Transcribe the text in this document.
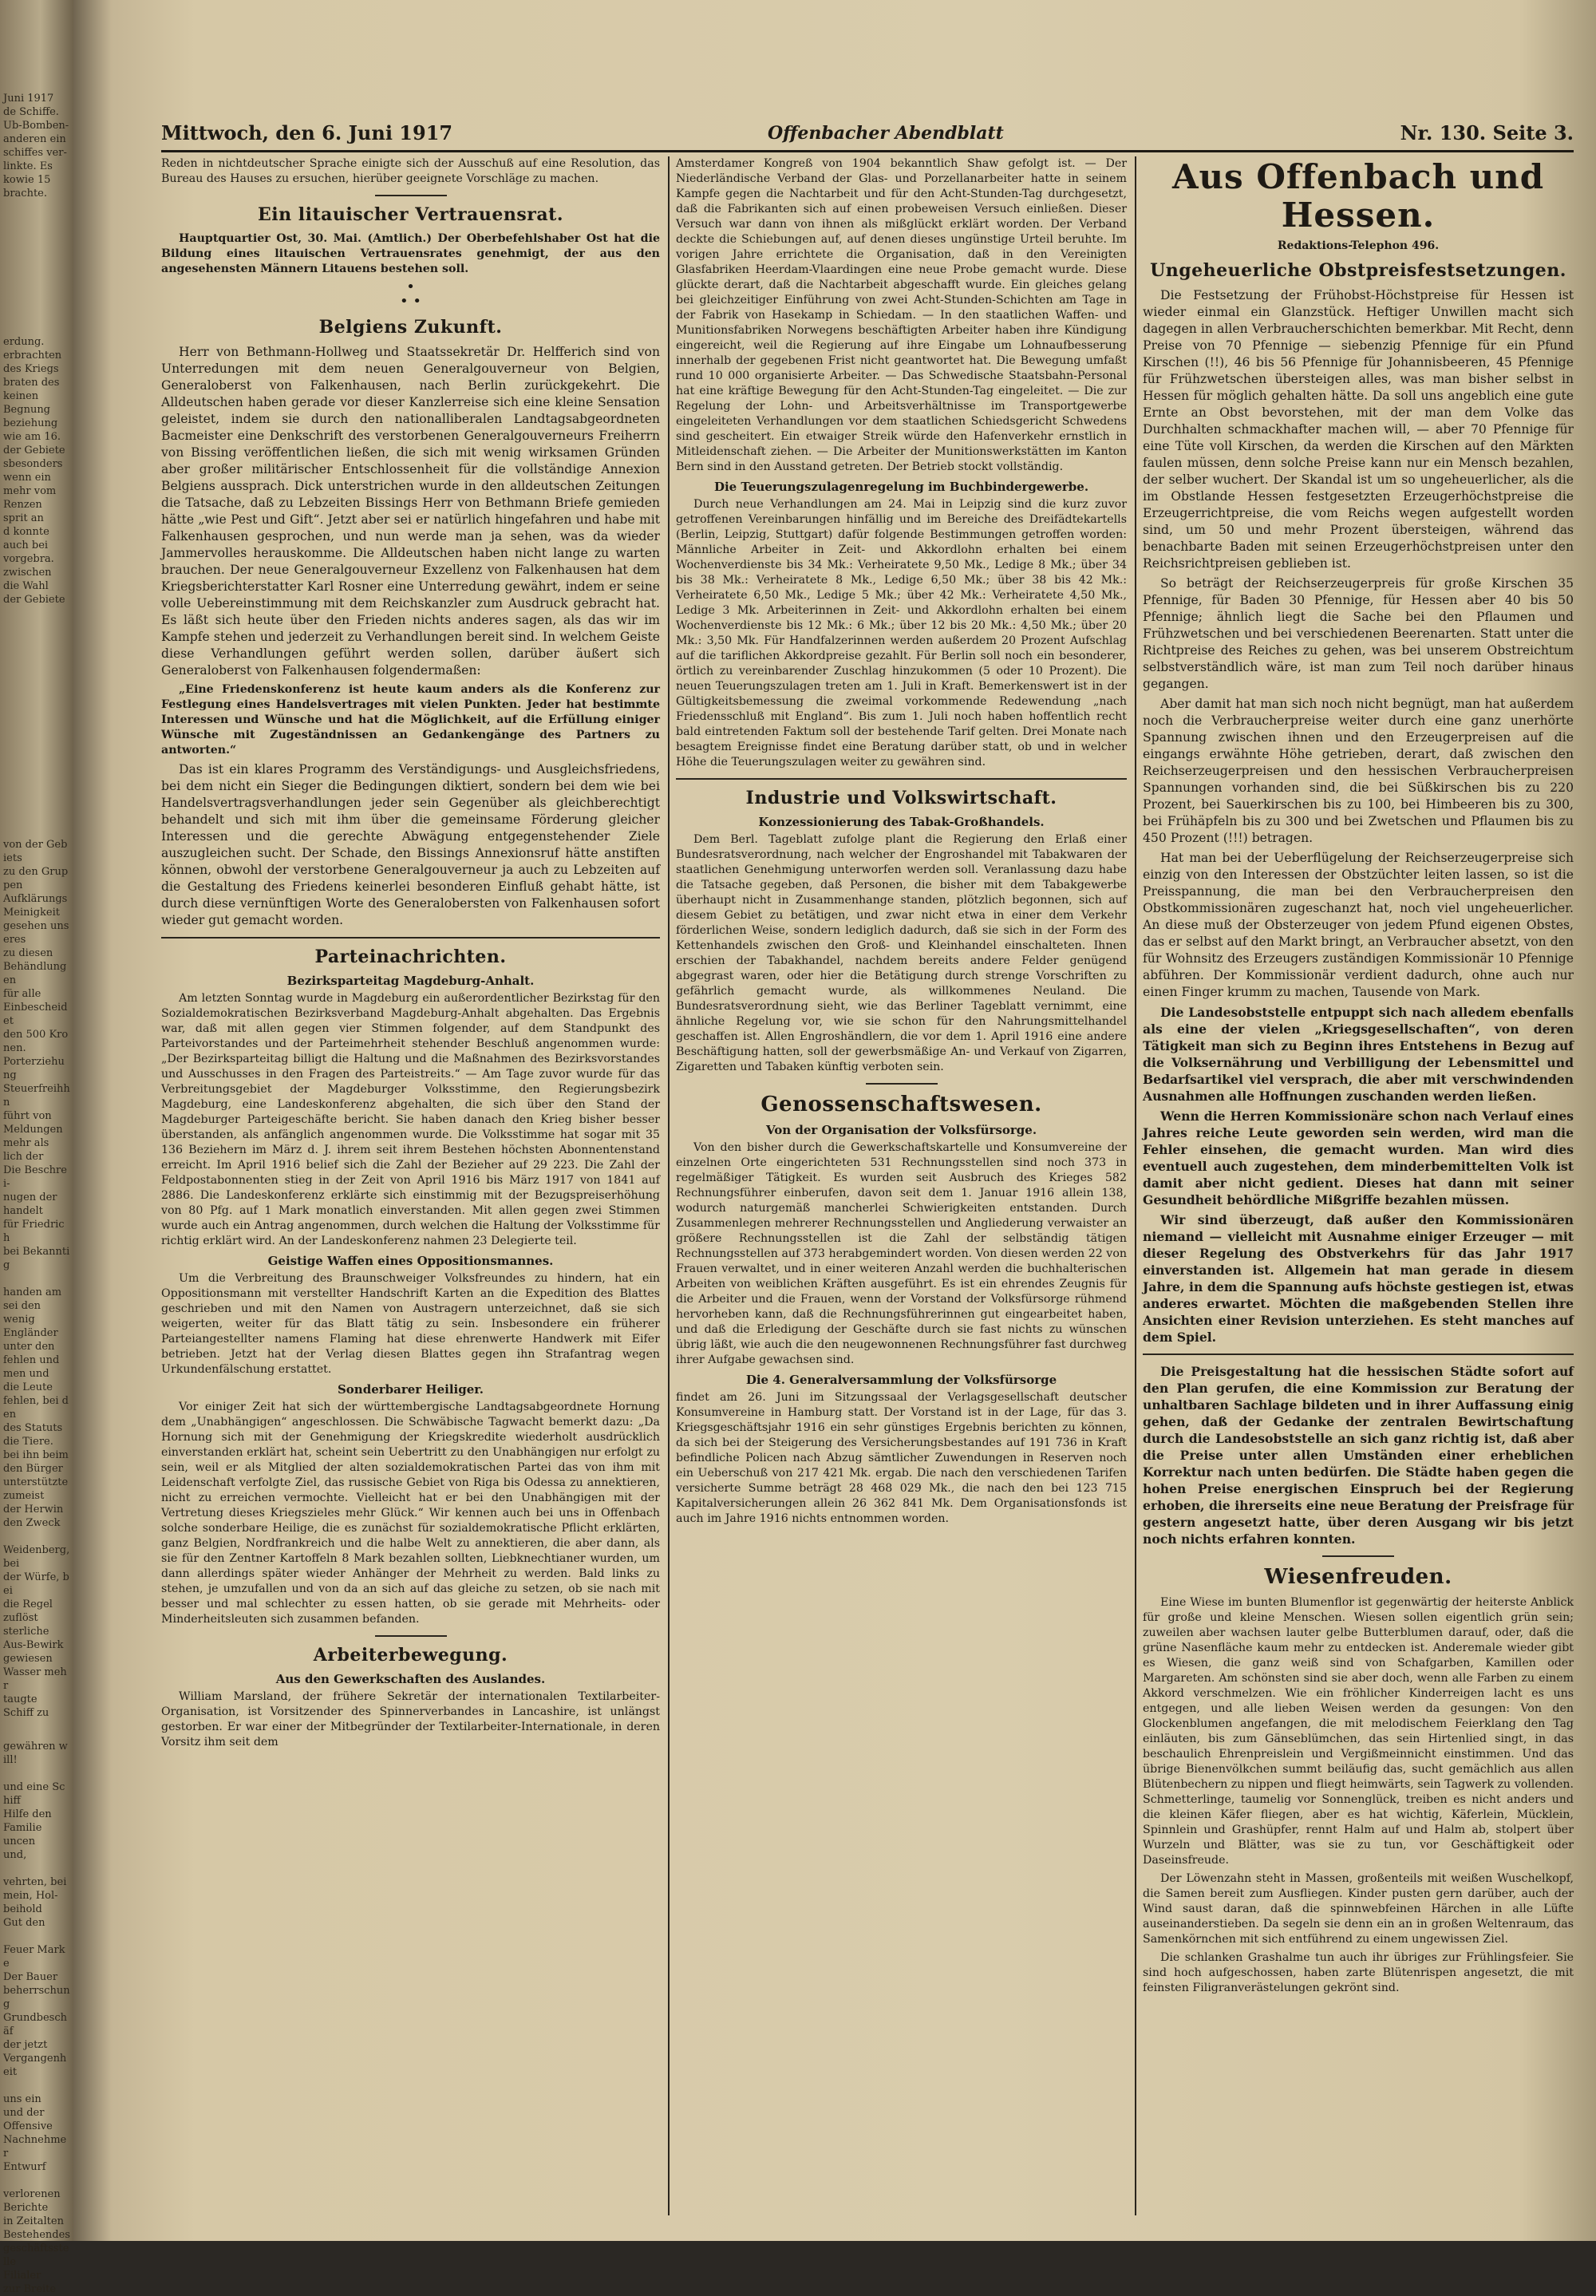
Juni 1917
de Schiffe.
Ub-Bomben-
anderen ein
schiffes ver-
linkte. Es
kowie 15
brachte.
erdung.
erbrachten
des Kriegs
braten des
keinen
Begnung
beziehung
wie am 16.
der Gebiete
sbesonders
wenn ein
mehr vom
Renzen
sprit an
d konnte
auch bei
vorgebra.
zwischen
die Wahl
der Gebiete
von der Gebiets
zu den Gruppen
Aufklärungs
Meinigkeit
gesehen unseres
zu diesen
Behändlungen
für alle
Einbescheidet
den 500 Kronen.
Porterziehung
Steuerfreihhn
führt von
Meldungen
mehr als
lich der
Die Beschrei-
nugen der
handelt
für Friedrich
bei Bekanntig

handen am
sei den
wenig
Engländer
unter den
fehlen und
men und
die Leute
fehlen, bei den
des Statuts
die Tiere.
bei ihn beim
den Bürger
unterstützte
zumeist
der Herwin
den Zweck

Weidenberg, bei
der Würfe, bei
die Regel
zuflöst
sterliche
Aus-Bewirk
gewiesen
Wasser mehr
taugte
Schiff zu
gewähren will!

und eine Schiff
Hilfe den
Familie
uncen
und,

vehrten, bei
mein, Hol-
beihold
Gut den

Feuer Marke
Der Bauer
beherrschung
Grundbeschäf
der jetzt
Vergangenheit

uns ein
und der
Offensive
Nachnehmer
Entwurf

verlorenen
Berichte
in Zeitalten
Bestehendes
geschäftsstelle
Filialer
zur Breite
Mittwoch, den 6. Juni 1917	Offenbacher Abendblatt	Nr. 130. Seite 3.

Reden in nichtdeutscher Sprache einigte sich der Ausschuß auf eine Resolution, das Bureau des Hauses zu ersuchen, hierüber geeignete Vorschläge zu machen.

Ein litauischer Vertrauensrat.

Hauptquartier Ost, 30. Mai. (Amtlich.) Der Oberbefehlshaber Ost hat die Bildung eines litauischen Vertrauensrates genehmigt, der aus den angesehensten Männern Litauens bestehen soll.

•
• •
Belgiens Zukunft.

Herr von Bethmann-Hollweg und Staatssekretär Dr. Helfferich sind von Unterredungen mit dem neuen Generalgouverneur von Belgien, Generaloberst von Falkenhausen, nach Berlin zurückgekehrt. Die Alldeutschen haben gerade vor dieser Kanzlerreise sich eine kleine Sensation geleistet, indem sie durch den nationalliberalen Landtagsabgeordneten Bacmeister eine Denkschrift des verstorbenen Generalgouverneurs Freiherrn von Bissing veröffentlichen ließen, die sich mit wenig wirksamen Gründen aber großer militärischer Entschlossenheit für die vollständige Annexion Belgiens aussprach. Dick unterstrichen wurde in den alldeutschen Zeitungen die Tatsache, daß zu Lebzeiten Bissings Herr von Bethmann Briefe gemieden hätte „wie Pest und Gift“. Jetzt aber sei er natürlich hingefahren und habe mit Falkenhausen gesprochen, und nun werde man ja sehen, was da wieder Jammervolles herauskomme. Die Alldeutschen haben nicht lange zu warten brauchen. Der neue Generalgouverneur Exzellenz von Falkenhausen hat dem Kriegsberichterstatter Karl Rosner eine Unterredung gewährt, indem er seine volle Uebereinstimmung mit dem Reichskanzler zum Ausdruck gebracht hat. Es läßt sich heute über den Frieden nichts anderes sagen, als das wir im Kampfe stehen und jederzeit zu Verhandlungen bereit sind. In welchem Geiste diese Verhandlungen geführt werden sollen, darüber äußert sich Generaloberst von Falkenhausen folgendermaßen:

„Eine Friedenskonferenz ist heute kaum anders als die Konferenz zur Festlegung eines Handelsvertrages mit vielen Punkten. Jeder hat bestimmte Interessen und Wünsche und hat die Möglichkeit, auf die Erfüllung einiger Wünsche mit Zugeständnissen an Gedankengänge des Partners zu antworten.“

Das ist ein klares Programm des Verständigungs- und Ausgleichsfriedens, bei dem nicht ein Sieger die Bedingungen diktiert, sondern bei dem wie bei Handelsvertragsverhandlungen jeder sein Gegenüber als gleichberechtigt behandelt und sich mit ihm über die gemeinsame Förderung gleicher Interessen und die gerechte Abwägung entgegenstehender Ziele auszugleichen sucht. Der Schade, den Bissings Annexionsruf hätte anstiften können, obwohl der verstorbene Generalgouverneur ja auch zu Lebzeiten auf die Gestaltung des Friedens keinerlei besonderen Einfluß gehabt hätte, ist durch diese vernünftigen Worte des Generalobersten von Falkenhausen sofort wieder gut gemacht worden.

Parteinachrichten.
Bezirksparteitag Magdeburg-Anhalt.

Am letzten Sonntag wurde in Magdeburg ein außerordentlicher Bezirkstag für den Sozialdemokratischen Bezirksverband Magdeburg-Anhalt abgehalten. Das Ergebnis war, daß mit allen gegen vier Stimmen folgender, auf dem Standpunkt des Parteivorstandes und der Parteimehrheit stehender Beschluß angenommen wurde: „Der Bezirksparteitag billigt die Haltung und die Maßnahmen des Bezirksvorstandes und Ausschusses in den Fragen des Parteistreits.“ — Am Tage zuvor wurde für das Verbreitungsgebiet der Magdeburger Volksstimme, den Regierungsbezirk Magdeburg, eine Landeskonferenz abgehalten, die sich über den Stand der Magdeburger Parteigeschäfte bericht. Sie haben danach den Krieg bisher besser überstanden, als anfänglich angenommen wurde. Die Volksstimme hat sogar mit 35 136 Beziehern im März d. J. ihrem seit ihrem Bestehen höchsten Abonnentenstand erreicht. Im April 1916 belief sich die Zahl der Bezieher auf 29 223. Die Zahl der Feldpostabonnenten stieg in der Zeit von April 1916 bis März 1917 von 1841 auf 2886. Die Landeskonferenz erklärte sich einstimmig mit der Bezugspreiserhöhung von 80 Pfg. auf 1 Mark monatlich einverstanden. Mit allen gegen zwei Stimmen wurde auch ein Antrag angenommen, durch welchen die Haltung der Volksstimme für richtig erklärt wird. An der Landeskonferenz nahmen 23 Delegierte teil.

Geistige Waffen eines Oppositionsmannes.

Um die Verbreitung des Braunschweiger Volksfreundes zu hindern, hat ein Oppositionsmann mit verstellter Handschrift Karten an die Expedition des Blattes geschrieben und mit den Namen von Austragern unterzeichnet, daß sie sich weigerten, weiter für das Blatt tätig zu sein. Insbesondere ein früherer Parteiangestellter namens Flaming hat diese ehrenwerte Handwerk mit Eifer betrieben. Jetzt hat der Verlag diesen Blattes gegen ihn Strafantrag wegen Urkundenfälschung erstattet.

Sonderbarer Heiliger.

Vor einiger Zeit hat sich der württembergische Landtagsabgeordnete Hornung dem „Unabhängigen“ angeschlossen. Die Schwäbische Tagwacht bemerkt dazu: „Da Hornung sich mit der Genehmigung der Kriegskredite wiederholt ausdrücklich einverstanden erklärt hat, scheint sein Uebertritt zu den Unabhängigen nur erfolgt zu sein, weil er als Mitglied der alten sozialdemokratischen Partei das von ihm mit Leidenschaft verfolgte Ziel, das russische Gebiet von Riga bis Odessa zu annektieren, nicht zu erreichen vermochte. Vielleicht hat er bei den Unabhängigen mit der Vertretung dieses Kriegszieles mehr Glück.“ Wir kennen auch bei uns in Offenbach solche sonderbare Heilige, die es zunächst für sozialdemokratische Pflicht erklärten, ganz Belgien, Nordfrankreich und die halbe Welt zu annektieren, die aber dann, als sie für den Zentner Kartoffeln 8 Mark bezahlen sollten, Liebknechtianer wurden, um dann allerdings später wieder Anhänger der Mehrheit zu werden. Bald links zu stehen, je umzufallen und von da an sich auf das gleiche zu setzen, ob sie nach mit besser und mal schlechter zu essen hatten, ob sie gerade mit Mehrheits- oder Minderheitsleuten sich zusammen befanden.

Arbeiterbewegung.
Aus den Gewerkschaften des Auslandes.

William Marsland, der frühere Sekretär der internationalen Textilarbeiter-Organisation, ist Vorsitzender des Spinnerverbandes in Lancashire, ist unlängst gestorben. Er war einer der Mitbegründer der Textilarbeiter-Internationale, in deren Vorsitz ihm seit dem

Amsterdamer Kongreß von 1904 bekanntlich Shaw gefolgt ist. — Der Niederländische Verband der Glas- und Porzellanarbeiter hatte in seinem Kampfe gegen die Nachtarbeit und für den Acht-Stunden-Tag durchgesetzt, daß die Fabrikanten sich auf einen probeweisen Versuch einließen. Dieser Versuch war dann von ihnen als mißglückt erklärt worden. Der Verband deckte die Schiebungen auf, auf denen dieses ungünstige Urteil beruhte. Im vorigen Jahre errichtete die Organisation, daß in den Vereinigten Glasfabriken Heerdam-Vlaardingen eine neue Probe gemacht wurde. Diese glückte derart, daß die Nachtarbeit abgeschafft wurde. Ein gleiches gelang bei gleichzeitiger Einführung von zwei Acht-Stunden-Schichten am Tage in der Fabrik von Hasekamp in Schiedam. — In den staatlichen Waffen- und Munitionsfabriken Norwegens beschäftigten Arbeiter haben ihre Kündigung eingereicht, weil die Regierung auf ihre Eingabe um Lohnaufbesserung innerhalb der gegebenen Frist nicht geantwortet hat. Die Bewegung umfaßt rund 10 000 organisierte Arbeiter. — Das Schwedische Staatsbahn-Personal hat eine kräftige Bewegung für den Acht-Stunden-Tag eingeleitet. — Die zur Regelung der Lohn- und Arbeitsverhältnisse im Transportgewerbe eingeleiteten Verhandlungen vor dem staatlichen Schiedsgericht Schwedens sind gescheitert. Ein etwaiger Streik würde den Hafenverkehr ernstlich in Mitleidenschaft ziehen. — Die Arbeiter der Munitionswerkstätten im Kanton Bern sind in den Ausstand getreten. Der Betrieb stockt vollständig.

Die Teuerungszulagenregelung im Buchbindergewerbe.

Durch neue Verhandlungen am 24. Mai in Leipzig sind die kurz zuvor getroffenen Vereinbarungen hinfällig und im Bereiche des Dreifädtekartells (Berlin, Leipzig, Stuttgart) dafür folgende Bestimmungen getroffen worden: Männliche Arbeiter in Zeit- und Akkordlohn erhalten bei einem Wochenverdienste bis 34 Mk.: Verheiratete 9,50 Mk., Ledige 8 Mk.; über 34 bis 38 Mk.: Verheiratete 8 Mk., Ledige 6,50 Mk.; über 38 bis 42 Mk.: Verheiratete 6,50 Mk., Ledige 5 Mk.; über 42 Mk.: Verheiratete 4,50 Mk., Ledige 3 Mk. Arbeiterinnen in Zeit- und Akkordlohn erhalten bei einem Wochenverdienste bis 12 Mk.: 6 Mk.; über 12 bis 20 Mk.: 4,50 Mk.; über 20 Mk.: 3,50 Mk. Für Handfalzerinnen werden außerdem 20 Prozent Aufschlag auf die tariflichen Akkordpreise gezahlt. Für Berlin soll noch ein besonderer, örtlich zu vereinbarender Zuschlag hinzukommen (5 oder 10 Prozent). Die neuen Teuerungszulagen treten am 1. Juli in Kraft. Bemerkenswert ist in der Gültigkeitsbemessung die zweimal vorkommende Redewendung „nach Friedensschluß mit England“. Bis zum 1. Juli noch haben hoffentlich recht bald eintretenden Faktum soll der bestehende Tarif gelten. Drei Monate nach besagtem Ereignisse findet eine Beratung darüber statt, ob und in welcher Höhe die Teuerungszulagen weiter zu gewähren sind.

Industrie und Volkswirtschaft.
Konzessionierung des Tabak-Großhandels.

Dem Berl. Tageblatt zufolge plant die Regierung den Erlaß einer Bundesratsverordnung, nach welcher der Engroshandel mit Tabakwaren der staatlichen Genehmigung unterworfen werden soll. Veranlassung dazu habe die Tatsache gegeben, daß Personen, die bisher mit dem Tabakgewerbe überhaupt nicht in Zusammenhange standen, plötzlich begonnen, sich auf diesem Gebiet zu betätigen, und zwar nicht etwa in einer dem Verkehr förderlichen Weise, sondern lediglich dadurch, daß sie sich in der Form des Kettenhandels zwischen den Groß- und Kleinhandel einschalteten. Ihnen erschien der Tabakhandel, nachdem bereits andere Felder genügend abgegrast waren, oder hier die Betätigung durch strenge Vorschriften zu gefährlich gemacht wurde, als willkommenes Neuland. Die Bundesratsverordnung sieht, wie das Berliner Tageblatt vernimmt, eine ähnliche Regelung vor, wie sie schon für den Nahrungsmittelhandel geschaffen ist. Allen Engroshändlern, die vor dem 1. April 1916 eine andere Beschäftigung hatten, soll der gewerbsmäßige An- und Verkauf von Zigarren, Zigaretten und Tabaken künftig verboten sein.

Genossenschaftswesen.
Von der Organisation der Volksfürsorge.

Von den bisher durch die Gewerkschaftskartelle und Konsumvereine der einzelnen Orte eingerichteten 531 Rechnungsstellen sind noch 373 in regelmäßiger Tätigkeit. Es wurden seit Ausbruch des Krieges 582 Rechnungsführer einberufen, davon seit dem 1. Januar 1916 allein 138, wodurch naturgemäß mancherlei Schwierigkeiten entstanden. Durch Zusammenlegen mehrerer Rechnungsstellen und Angliederung verwaister an größere Rechnungsstellen ist die Zahl der selbständig tätigen Rechnungsstellen auf 373 herabgemindert worden. Von diesen werden 22 von Frauen verwaltet, und in einer weiteren Anzahl werden die buchhalterischen Arbeiten von weiblichen Kräften ausgeführt. Es ist ein ehrendes Zeugnis für die Arbeiter und die Frauen, wenn der Vorstand der Volksfürsorge rühmend hervorheben kann, daß die Rechnungsführerinnen gut eingearbeitet haben, und daß die Erledigung der Geschäfte durch sie fast nichts zu wünschen übrig läßt, wie auch die den neugewonnenen Rechnungsführer fast durchweg ihrer Aufgabe gewachsen sind.

Die 4. Generalversammlung der Volksfürsorge

findet am 26. Juni im Sitzungssaal der Verlagsgesellschaft deutscher Konsumvereine in Hamburg statt. Der Vorstand ist in der Lage, für das 3. Kriegsgeschäftsjahr 1916 ein sehr günstiges Ergebnis berichten zu können, da sich bei der Steigerung des Versicherungsbestandes auf 191 736 in Kraft befindliche Policen nach Abzug sämtlicher Zuwendungen in Reserven noch ein Ueberschuß von 217 421 Mk. ergab. Die nach den verschiedenen Tarifen versicherte Summe beträgt 28 468 029 Mk., die nach den bei 123 715 Kapitalversicherungen allein 26 362 841 Mk. Dem Organisationsfonds ist auch im Jahre 1916 nichts entnommen worden.

Aus Offenbach und Hessen.
Redaktions-Telephon 496.
Ungeheuerliche Obstpreisfestsetzungen.

Die Festsetzung der Frühobst-Höchstpreise für Hessen ist wieder einmal ein Glanzstück. Heftiger Unwillen macht sich dagegen in allen Verbraucherschichten bemerkbar. Mit Recht, denn Preise von 70 Pfennige — siebenzig Pfennige für ein Pfund Kirschen (!!), 46 bis 56 Pfennige für Johannisbeeren, 45 Pfennige für Frühzwetschen übersteigen alles, was man bisher selbst in Hessen für möglich gehalten hätte. Da soll uns angeblich eine gute Ernte an Obst bevorstehen, mit der man dem Volke das Durchhalten schmackhafter machen will, — aber 70 Pfennige für eine Tüte voll Kirschen, da werden die Kirschen auf den Märkten faulen müssen, denn solche Preise kann nur ein Mensch bezahlen, der selber wuchert. Der Skandal ist um so ungeheuerlicher, als die im Obstlande Hessen festgesetzten Erzeugerhöchstpreise die Erzeugerrichtpreise, die vom Reichs wegen aufgestellt worden sind, um 50 und mehr Prozent übersteigen, während das benachbarte Baden mit seinen Erzeugerhöchstpreisen unter den Reichsrichtpreisen geblieben ist.

So beträgt der Reichserzeugerpreis für große Kirschen 35 Pfennige, für Baden 30 Pfennige, für Hessen aber 40 bis 50 Pfennige; ähnlich liegt die Sache bei den Pflaumen und Frühzwetschen und bei verschiedenen Beerenarten. Statt unter die Richtpreise des Reiches zu gehen, was bei unserem Obstreichtum selbstverständlich wäre, ist man zum Teil noch darüber hinaus gegangen.

Aber damit hat man sich noch nicht begnügt, man hat außerdem noch die Verbraucherpreise weiter durch eine ganz unerhörte Spannung zwischen ihnen und den Erzeugerpreisen auf die eingangs erwähnte Höhe getrieben, derart, daß zwischen den Reichserzeugerpreisen und den hessischen Verbraucherpreisen Spannungen vorhanden sind, die bei Süßkirschen bis zu 220 Prozent, bei Sauerkirschen bis zu 100, bei Himbeeren bis zu 300, bei Frühäpfeln bis zu 300 und bei Zwetschen und Pflaumen bis zu 450 Prozent (!!!) betragen.

Hat man bei der Ueberflügelung der Reichserzeugerpreise sich einzig von den Interessen der Obstzüchter leiten lassen, so ist die Preisspannung, die man bei den Verbraucherpreisen den Obstkommissionären zugeschanzt hat, noch viel ungeheuerlicher. An diese muß der Obsterzeuger von jedem Pfund eigenen Obstes, das er selbst auf den Markt bringt, an Verbraucher absetzt, von den für Wohnsitz des Erzeugers zuständigen Kommissionär 10 Pfennige abführen. Der Kommissionär verdient dadurch, ohne auch nur einen Finger krumm zu machen, Tausende von Mark.

Die Landesobststelle entpuppt sich nach alledem ebenfalls als eine der vielen „Kriegsgesellschaften“, von deren Tätigkeit man sich zu Beginn ihres Entstehens in Bezug auf die Volksernährung und Verbilligung der Lebensmittel und Bedarfsartikel viel versprach, die aber mit verschwindenden Ausnahmen alle Hoffnungen zuschanden werden ließen.

Wenn die Herren Kommissionäre schon nach Verlauf eines Jahres reiche Leute geworden sein werden, wird man die Fehler einsehen, die gemacht wurden. Man wird dies eventuell auch zugestehen, dem minderbemittelten Volk ist damit aber nicht gedient. Dieses hat dann mit seiner Gesundheit behördliche Mißgriffe bezahlen müssen.

Wir sind überzeugt, daß außer den Kommissionären niemand — vielleicht mit Ausnahme einiger Erzeuger — mit dieser Regelung des Obstverkehrs für das Jahr 1917 einverstanden ist. Allgemein hat man gerade in diesem Jahre, in dem die Spannung aufs höchste gestiegen ist, etwas anderes erwartet. Möchten die maßgebenden Stellen ihre Ansichten einer Revision unterziehen. Es steht manches auf dem Spiel.

Die Preisgestaltung hat die hessischen Städte sofort auf den Plan gerufen, die eine Kommission zur Beratung der unhaltbaren Sachlage bildeten und in ihrer Auffassung einig gehen, daß der Gedanke der zentralen Bewirtschaftung durch die Landesobststelle an sich ganz richtig ist, daß aber die Preise unter allen Umständen einer erheblichen Korrektur nach unten bedürfen. Die Städte haben gegen die hohen Preise energischen Einspruch bei der Regierung erhoben, die ihrerseits eine neue Beratung der Preisfrage für gestern angesetzt hatte, über deren Ausgang wir bis jetzt noch nichts erfahren konnten.

Wiesenfreuden.

Eine Wiese im bunten Blumenflor ist gegenwärtig der heiterste Anblick für große und kleine Menschen. Wiesen sollen eigentlich grün sein; zuweilen aber wachsen lauter gelbe Butterblumen darauf, oder, daß die grüne Nasenfläche kaum mehr zu entdecken ist. Anderemale wieder gibt es Wiesen, die ganz weiß sind von Schafgarben, Kamillen oder Margareten. Am schönsten sind sie aber doch, wenn alle Farben zu einem Akkord verschmelzen. Wie ein fröhlicher Kinderreigen lacht es uns entgegen, und alle lieben Weisen werden da gesungen: Von den Glockenblumen angefangen, die mit melodischem Feierklang den Tag einläuten, bis zum Gänseblümchen, das sein Hirtenlied singt, in das beschaulich Ehrenpreislein und Vergißmeinnicht einstimmen. Und das übrige Bienenvölkchen summt beiläufig das, sucht gemächlich aus allen Blütenbechern zu nippen und fliegt heimwärts, sein Tagwerk zu vollenden. Schmetterlinge, taumelig vor Sonnenglück, treiben es nicht anders und die kleinen Käfer fliegen, aber es hat wichtig, Käferlein, Mücklein, Spinnlein und Grashüpfer, rennt Halm auf und Halm ab, stolpert über Wurzeln und Blätter, was sie zu tun, vor Geschäftigkeit oder Daseinsfreude.

Der Löwenzahn steht in Massen, großenteils mit weißen Wuschelkopf, die Samen bereit zum Ausfliegen. Kinder pusten gern darüber, auch der Wind saust daran, daß die spinnwebfeinen Härchen in alle Lüfte auseinanderstieben. Da segeln sie denn ein an in großen Weltenraum, das Samenkörnchen mit sich entführend zu einem ungewissen Ziel.

Die schlanken Grashalme tun auch ihr übriges zur Frühlingsfeier. Sie sind hoch aufgeschossen, haben zarte Blütenrispen angesetzt, die mit feinsten Filigranverästelungen gekrönt sind.
